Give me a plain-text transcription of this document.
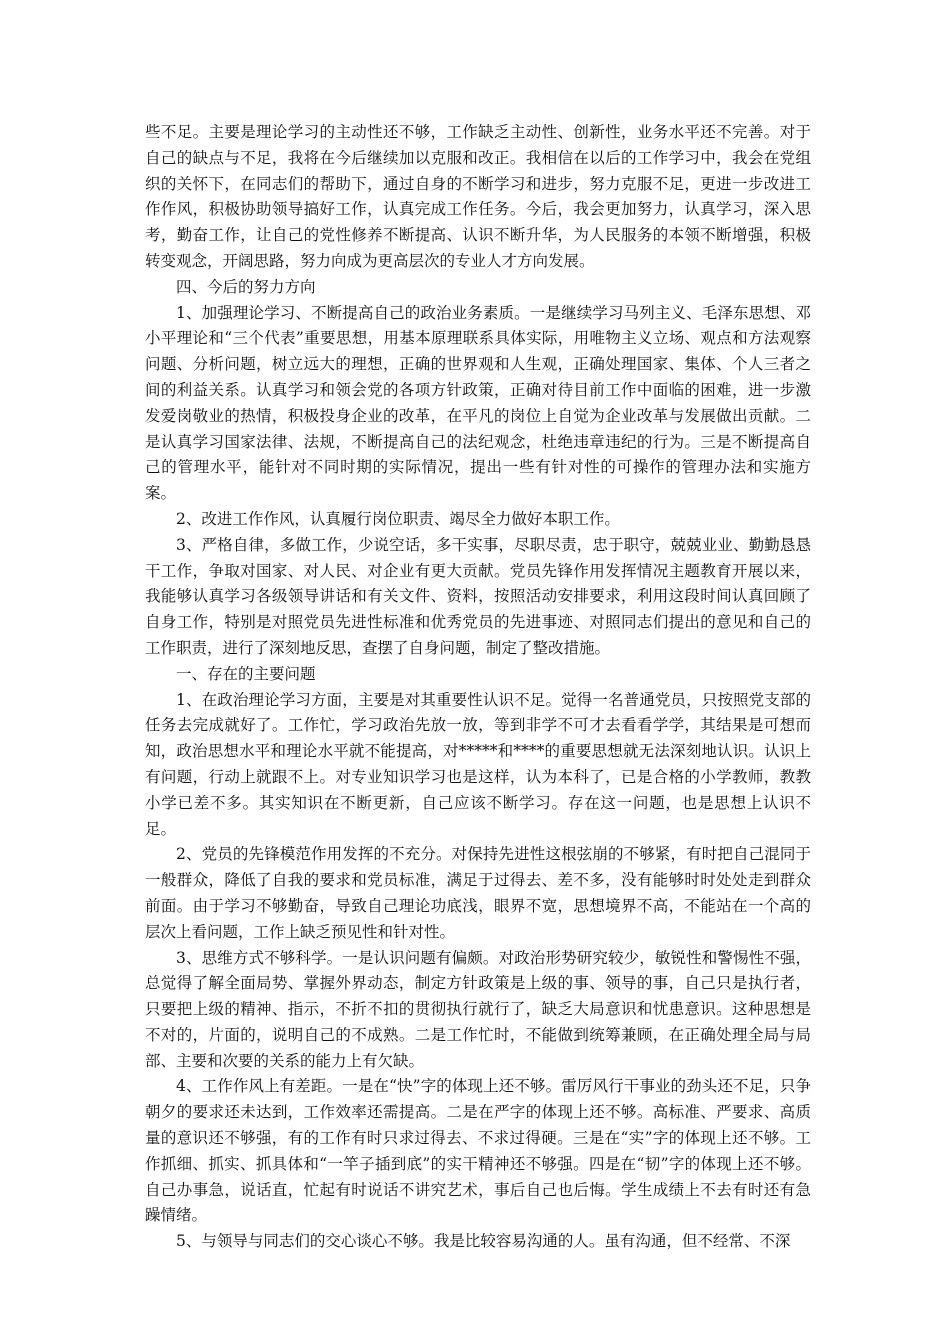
些不足。主要是理论学习的主动性还不够，工作缺乏主动性、创新性，业务水平还不完善。对于自己的缺点与不足，我将在今后继续加以克服和改正。我相信在以后的工作学习中，我会在党组织的关怀下，在同志们的帮助下，通过自身的不断学习和进步，努力克服不足，更进一步改进工作作风，积极协助领导搞好工作，认真完成工作任务。今后，我会更加努力，认真学习，深入思考，勤奋工作，让自己的党性修养不断提高、认识不断升华，为人民服务的本领不断增强，积极转变观念，开阔思路，努力向成为更高层次的专业人才方向发展。

四、今后的努力方向

1、加强理论学习、不断提高自己的政治业务素质。一是继续学习马列主义、毛泽东思想、邓小平理论和“三个代表”重要思想，用基本原理联系具体实际，用唯物主义立场、观点和方法观察问题、分析问题，树立远大的理想，正确的世界观和人生观，正确处理国家、集体、个人三者之间的利益关系。认真学习和领会党的各项方针政策，正确对待目前工作中面临的困难，进一步激发爱岗敬业的热情，积极投身企业的改革，在平凡的岗位上自觉为企业改革与发展做出贡献。二是认真学习国家法律、法规，不断提高自己的法纪观念，杜绝违章违纪的行为。三是不断提高自己的管理水平，能针对不同时期的实际情况，提出一些有针对性的可操作的管理办法和实施方案。

2、改进工作作风，认真履行岗位职责、竭尽全力做好本职工作。

3、严格自律，多做工作，少说空话，多干实事，尽职尽责，忠于职守，兢兢业业、勤勤恳恳干工作，争取对国家、对人民、对企业有更大贡献。党员先锋作用发挥情况主题教育开展以来，我能够认真学习各级领导讲话和有关文件、资料，按照活动安排要求，利用这段时间认真回顾了自身工作，特别是对照党员先进性标准和优秀党员的先进事迹、对照同志们提出的意见和自己的工作职责，进行了深刻地反思，查摆了自身问题，制定了整改措施。

一、存在的主要问题

1、在政治理论学习方面，主要是对其重要性认识不足。觉得一名普通党员，只按照党支部的任务去完成就好了。工作忙，学习政治先放一放，等到非学不可才去看看学学，其结果是可想而知，政治思想水平和理论水平就不能提高，对*****和****的重要思想就无法深刻地认识。认识上有问题，行动上就跟不上。对专业知识学习也是这样，认为本科了，已是合格的小学教师，教教小学已差不多。其实知识在不断更新，自己应该不断学习。存在这一问题，也是思想上认识不足。

2、党员的先锋模范作用发挥的不充分。对保持先进性这根弦崩的不够紧，有时把自己混同于一般群众，降低了自我的要求和党员标准，满足于过得去、差不多，没有能够时时处处走到群众前面。由于学习不够勤奋，导致自己理论功底浅，眼界不宽，思想境界不高，不能站在一个高的层次上看问题，工作上缺乏预见性和针对性。

3、思维方式不够科学。一是认识问题有偏颇。对政治形势研究较少，敏锐性和警惕性不强，总觉得了解全面局势、掌握外界动态，制定方针政策是上级的事、领导的事，自己只是执行者，只要把上级的精神、指示，不折不扣的贯彻执行就行了，缺乏大局意识和忧患意识。这种思想是不对的，片面的，说明自己的不成熟。二是工作忙时，不能做到统筹兼顾，在正确处理全局与局部、主要和次要的关系的能力上有欠缺。

4、工作作风上有差距。一是在“快”字的体现上还不够。雷厉风行干事业的劲头还不足，只争朝夕的要求还未达到，工作效率还需提高。二是在严字的体现上还不够。高标准、严要求、高质量的意识还不够强，有的工作有时只求过得去、不求过得硬。三是在“实”字的体现上还不够。工作抓细、抓实、抓具体和“一竿子插到底”的实干精神还不够强。四是在“韧”字的体现上还不够。自己办事急，说话直，忙起有时说话不讲究艺术，事后自己也后悔。学生成绩上不去有时还有急躁情绪。

5、与领导与同志们的交心谈心不够。我是比较容易沟通的人。虽有沟通，但不经常、不深
